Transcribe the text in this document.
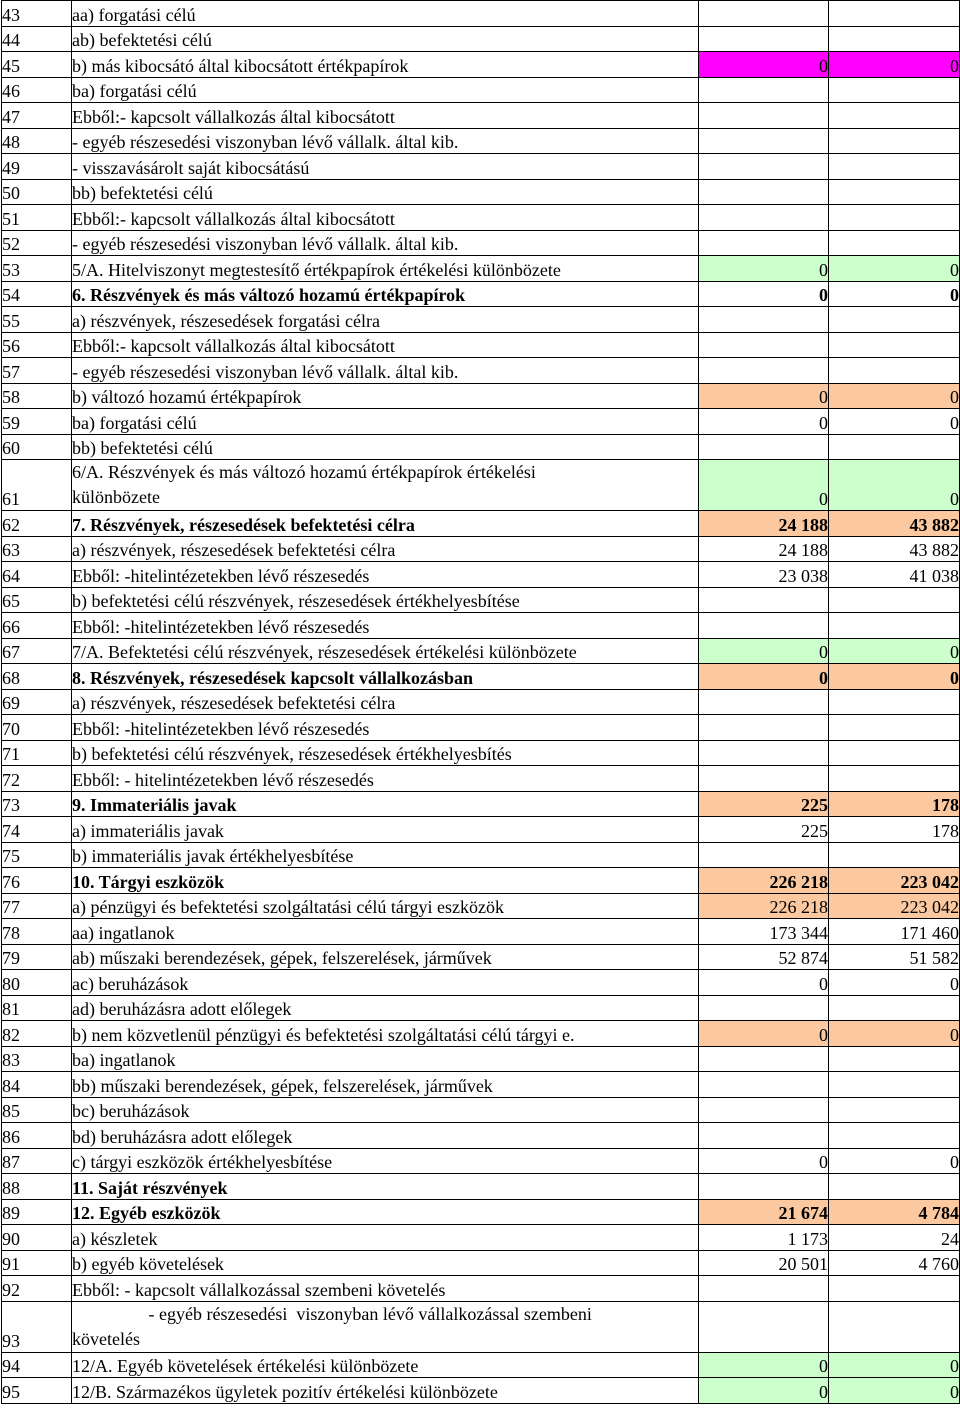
43	aa) forgatási célú		
44	ab) befektetési célú		
45	b) más kibocsátó által kibocsátott értékpapírok	0	0
46	ba) forgatási célú		
47	Ebből:- kapcsolt vállalkozás által kibocsátott		
48	- egyéb részesedési viszonyban lévő vállalk. által kib.		
49	- visszavásárolt saját kibocsátású		
50	bb) befektetési célú		
51	Ebből:- kapcsolt vállalkozás által kibocsátott		
52	- egyéb részesedési viszonyban lévő vállalk. által kib.		
53	5/A. Hitelviszonyt megtestesítő értékpapírok értékelési különbözete	0	0
54	6. Részvények és más változó hozamú értékpapírok	0	0
55	a) részvények, részesedések forgatási célra		
56	Ebből:- kapcsolt vállalkozás által kibocsátott		
57	- egyéb részesedési viszonyban lévő vállalk. által kib.		
58	b) változó hozamú értékpapírok	0	0
59	ba) forgatási célú	0	0
60	bb) befektetési célú		
61	6/A. Részvények és más változó hozamú értékpapírok értékelési
különbözete	0	0
62	7. Részvények, részesedések befektetési célra	24 188	43 882
63	a) részvények, részesedések befektetési célra	24 188	43 882
64	Ebből: -hitelintézetekben lévő részesedés	23 038	41 038
65	b) befektetési célú részvények, részesedések értékhelyesbítése		
66	Ebből: -hitelintézetekben lévő részesedés		
67	7/A. Befektetési célú részvények, részesedések értékelési különbözete	0	0
68	8. Részvények, részesedések kapcsolt vállalkozásban	0	0
69	a) részvények, részesedések befektetési célra		
70	Ebből: -hitelintézetekben lévő részesedés		
71	b) befektetési célú részvények, részesedések értékhelyesbítés		
72	Ebből: - hitelintézetekben lévő részesedés		
73	9. Immateriális javak	225	178
74	a) immateriális javak	225	178
75	b) immateriális javak értékhelyesbítése		
76	10. Tárgyi eszközök	226 218	223 042
77	a) pénzügyi és befektetési szolgáltatási célú tárgyi eszközök	226 218	223 042
78	aa) ingatlanok	173 344	171 460
79	ab) műszaki berendezések, gépek, felszerelések, járművek	52 874	51 582
80	ac) beruházások	0	0
81	ad) beruházásra adott előlegek		
82	b) nem közvetlenül pénzügyi és befektetési szolgáltatási célú tárgyi e.	0	0
83	ba) ingatlanok		
84	bb) műszaki berendezések, gépek, felszerelések, járművek		
85	bc) beruházások		
86	bd) beruházásra adott előlegek		
87	c) tárgyi eszközök értékhelyesbítése	0	0
88	11. Saját részvények		
89	12. Egyéb eszközök	21 674	4 784
90	a) készletek	1 173	24
91	b) egyéb követelések	20 501	4 760
92	Ebből: - kapcsolt vállalkozással szembeni követelés		
93	- egyéb részesedési  viszonyban lévő vállalkozással szembeni
követelés		
94	12/A. Egyéb követelések értékelési különbözete	0	0
95	12/B. Származékos ügyletek pozitív értékelési különbözete	0	0
